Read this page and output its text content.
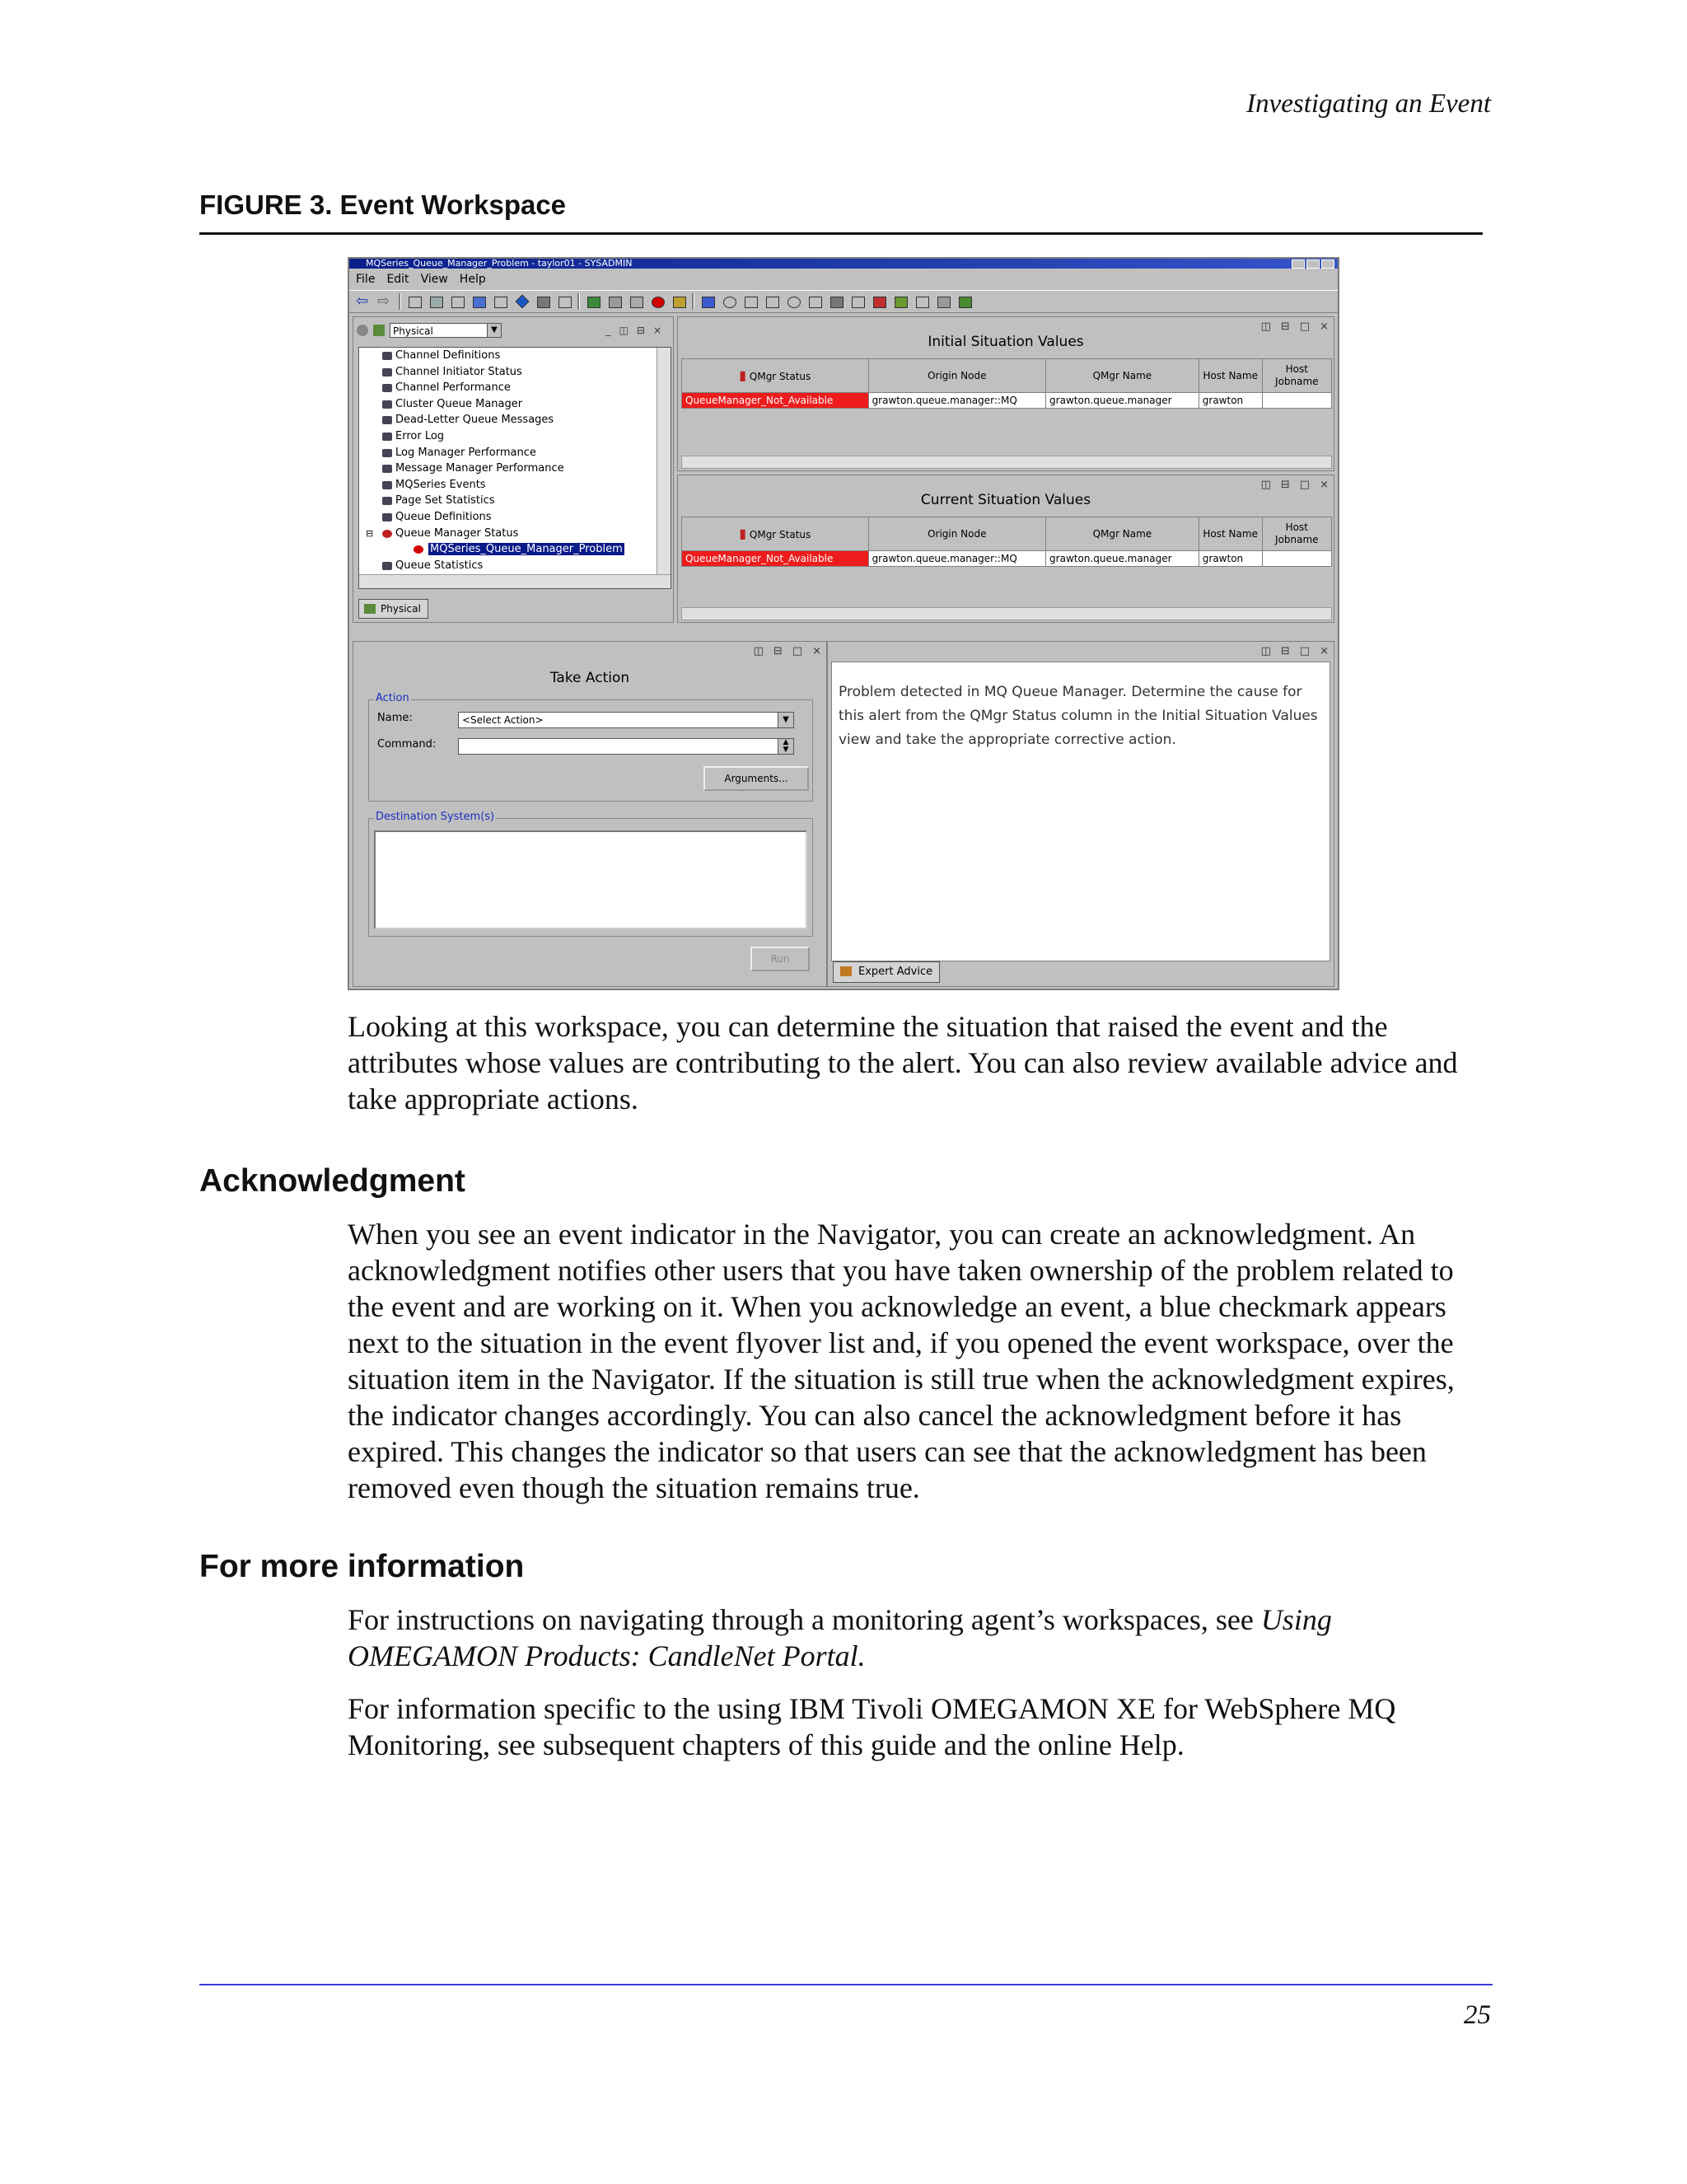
Investigating an Event
FIGURE 3. Event Workspace
MQSeries_Queue_Manager_Problem - taylor01 - SYSADMIN
File Edit View Help
⇦ ⇨
Physical	▼	_◫⊟×
Channel Definitions
Channel Initiator Status
Channel Performance
Cluster Queue Manager
Dead-Letter Queue Messages
Error Log
Log Manager Performance
Message Manager Performance
MQSeries Events
Page Set Statistics
Queue Definitions
⊟ Queue Manager Status
MQSeries_Queue_Manager_Problem
Queue Statistics
Physical
◫ ⊟ □ ×
Initial Situation Values
▮ QMgr Status	Origin Node	QMgr Name	Host Name	Host Jobname
QueueManager_Not_Available	grawton.queue.manager::MQ	grawton.queue.manager	grawton	
◫ ⊟ □ ×
Current Situation Values
▮ QMgr Status	Origin Node	QMgr Name	Host Name	Host Jobname
QueueManager_Not_Available	grawton.queue.manager::MQ	grawton.queue.manager	grawton	
◫ ⊟ □ ×
Take Action
Action
Name:	<Select Action>	▼
Command:	▲
▼
Arguments...
Destination System(s)
Run
◫ ⊟ □ ×
Problem detected in MQ Queue Manager. Determine the cause for this alert from the QMgr Status column in the Initial Situation Values view and take the appropriate corrective action.
Expert Advice
Looking at this workspace, you can determine the situation that raised the event and the attributes whose values are contributing to the alert. You can also review available advice and take appropriate actions.
Acknowledgment
When you see an event indicator in the Navigator, you can create an acknowledgment. An acknowledgment notifies other users that you have taken ownership of the problem related to the event and are working on it. When you acknowledge an event, a blue checkmark appears next to the situation in the event flyover list and, if you opened the event workspace, over the situation item in the Navigator. If the situation is still true when the acknowledgment expires, the indicator changes accordingly. You can also cancel the acknowledgment before it has expired. This changes the indicator so that users can see that the acknowledgment has been removed even though the situation remains true.
For more information
For instructions on navigating through a monitoring agent’s workspaces, see Using OMEGAMON Products: CandleNet Portal.
For information specific to the using IBM Tivoli OMEGAMON XE for WebSphere MQ Monitoring, see subsequent chapters of this guide and the online Help.
25
